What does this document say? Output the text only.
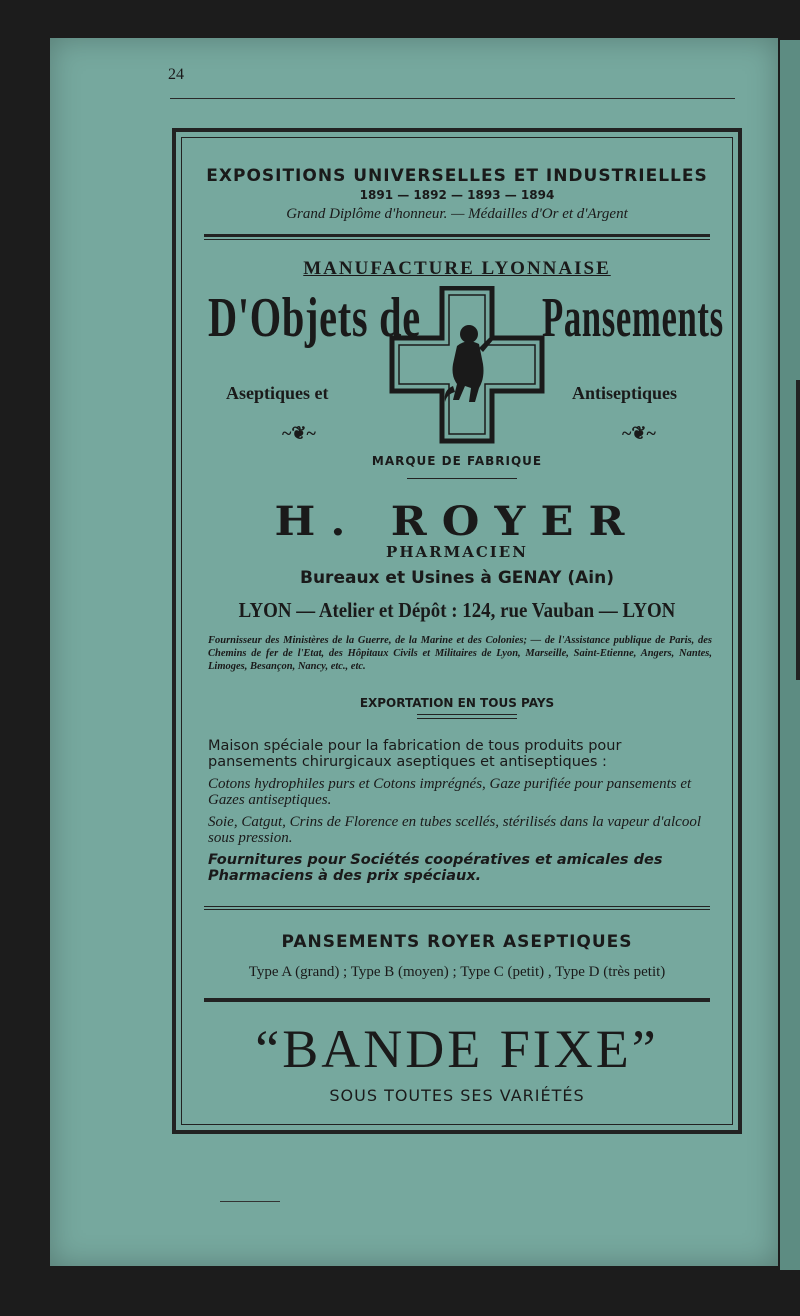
24
EXPOSITIONS UNIVERSELLES ET INDUSTRIELLES
1891 — 1892 — 1893 — 1894
Grand Diplôme d'honneur. — Médailles d'Or et d'Argent
MANUFACTURE LYONNAISE
D'Objets de Pansements
Aseptiques et	Antiseptiques
~❦~	~❦~
MARQUE DE FABRIQUE
H. ROYER
PHARMACIEN
Bureaux et Usines à GENAY (Ain)
LYON — Atelier et Dépôt : 124, rue Vauban — LYON
Fournisseur des Ministères de la Guerre, de la Marine et des Colonies; — de l'Assistance publique de Paris, des Chemins de fer de l'Etat, des Hôpitaux Civils et Militaires de Lyon, Marseille, Saint-Etienne, Angers, Nantes, Limoges, Besançon, Nancy, etc., etc.
EXPORTATION EN TOUS PAYS
Maison spéciale pour la fabrication de tous produits pour pansements chirurgicaux aseptiques et antiseptiques :
Cotons hydrophiles purs et Cotons imprégnés, Gaze purifiée pour pansements et Gazes antiseptiques.
Soie, Catgut, Crins de Florence en tubes scellés, stérilisés dans la vapeur d'alcool sous pression.
Fournitures pour Sociétés coopératives et amicales des Pharmaciens à des prix spéciaux.
PANSEMENTS ROYER ASEPTIQUES
Type A (grand) ; Type B (moyen) ; Type C (petit) , Type D (très petit)
“BANDE FIXE”
SOUS TOUTES SES VARIÉTÉS
